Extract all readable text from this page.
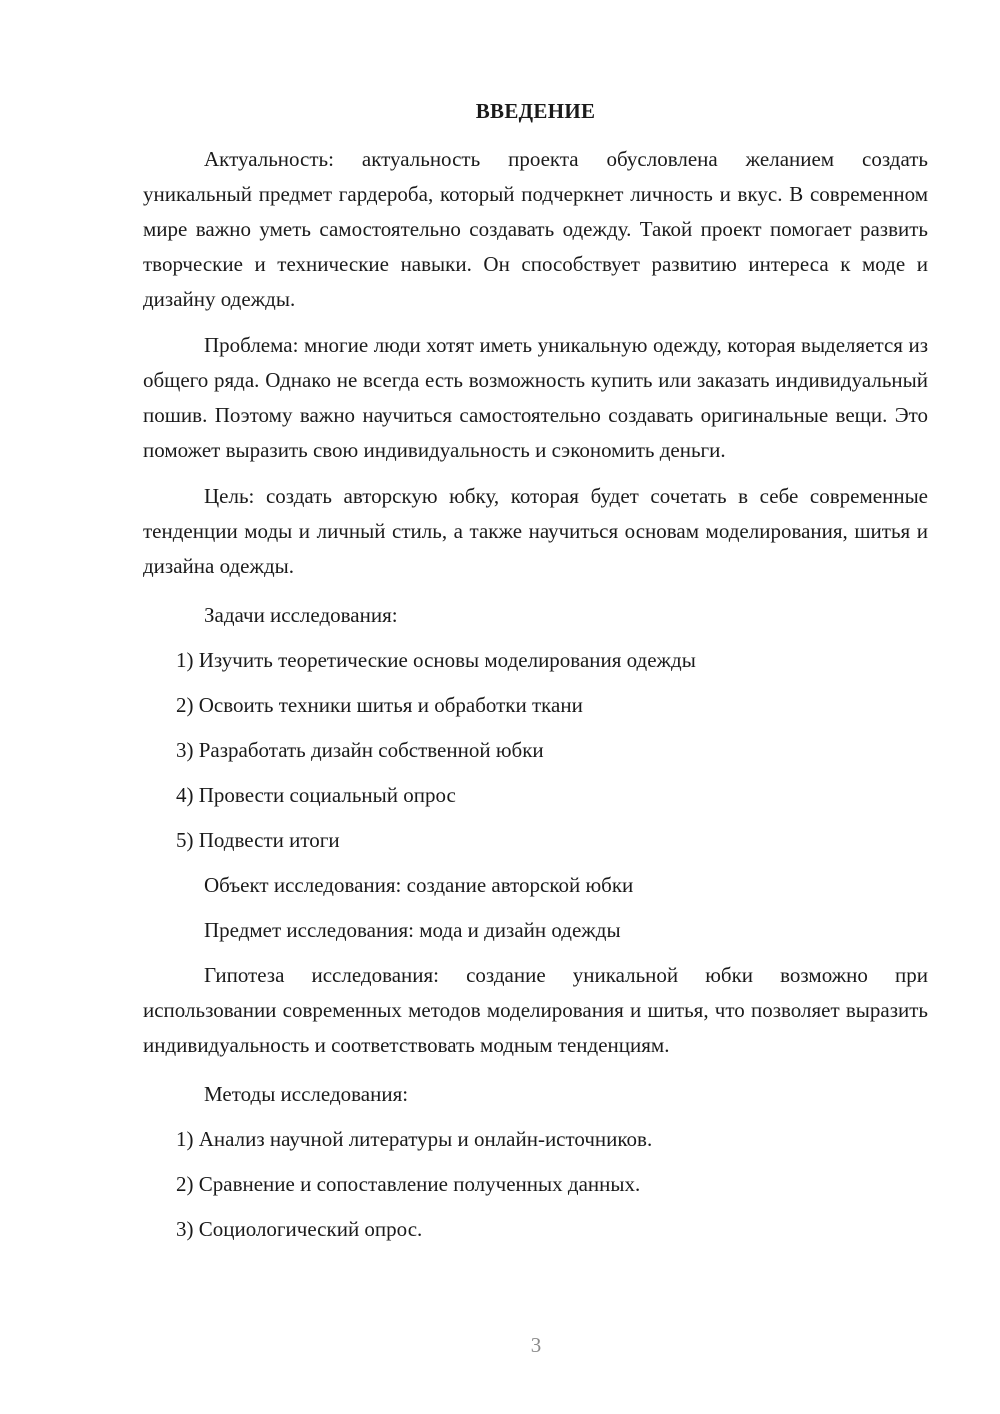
ВВЕДЕНИЕ

Актуальность: актуальность проекта обусловлена желанием создать уникальный предмет гардероба, который подчеркнет личность и вкус. В современном мире важно уметь самостоятельно создавать одежду. Такой проект помогает развить творческие и технические навыки. Он способствует развитию интереса к моде и дизайну одежды.

Проблема: многие люди хотят иметь уникальную одежду, которая выделяется из общего ряда. Однако не всегда есть возможность купить или заказать индивидуальный пошив. Поэтому важно научиться самостоятельно создавать оригинальные вещи. Это поможет выразить свою индивидуальность и сэкономить деньги.

Цель: создать авторскую юбку, которая будет сочетать в себе современные тенденции моды и личный стиль, а также научиться основам моделирования, шитья и дизайна одежды.

Задачи исследования:
1) Изучить теоретические основы моделирования одежды
2) Освоить техники шитья и обработки ткани
3) Разработать дизайн собственной юбки
4) Провести социальный опрос
5) Подвести итоги
Объект исследования: создание авторской юбки
Предмет исследования: мода и дизайн одежды

Гипотеза исследования: создание уникальной юбки возможно при использовании современных методов моделирования и шитья, что позволяет выразить индивидуальность и соответствовать модным тенденциям.

Методы исследования:
1) Анализ научной литературы и онлайн-источников.
2) Сравнение и сопоставление полученных данных.
3) Социологический опрос.
3
